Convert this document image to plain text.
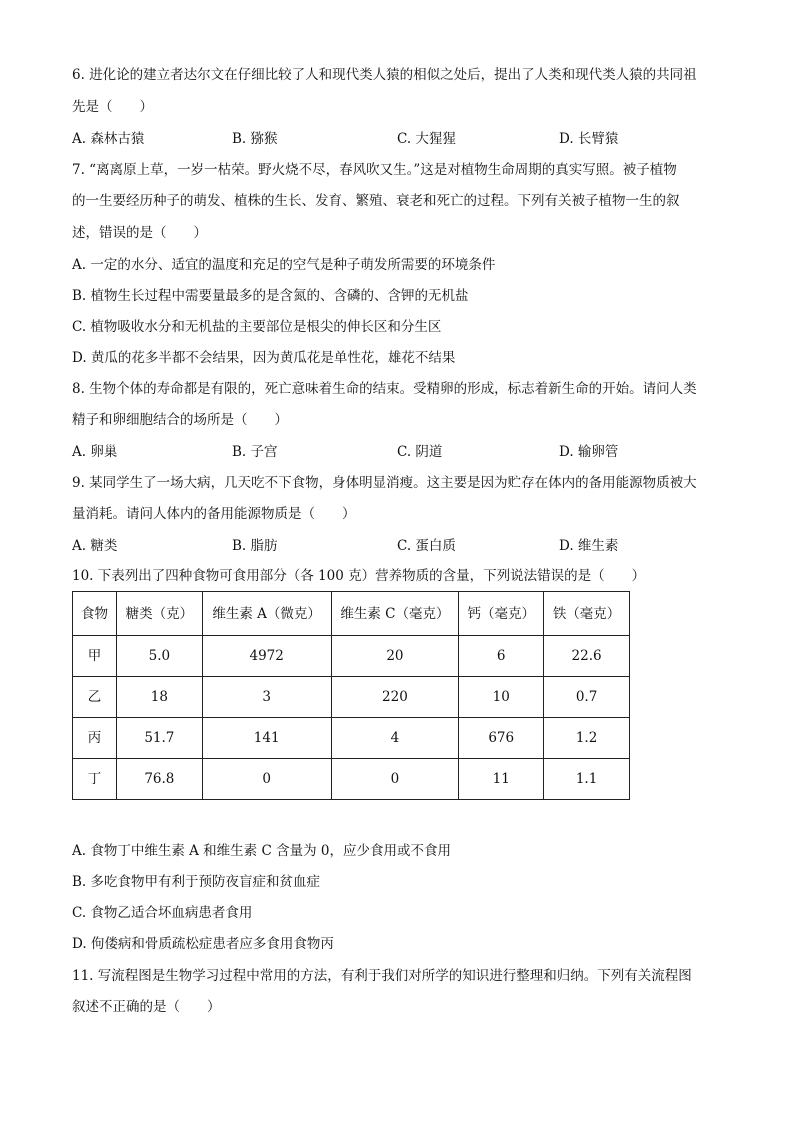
6. 进化论的建立者达尔文在仔细比较了人和现代类人猿的相似之处后，提出了人类和现代类人猿的共同祖
先是（　　）
A. 森林古猿	B. 猕猴	C. 大猩猩	D. 长臂猿
7. “离离原上草，一岁一枯荣。野火烧不尽，春风吹又生。”这是对植物生命周期的真实写照。被子植物
的一生要经历种子的萌发、植株的生长、发育、繁殖、衰老和死亡的过程。下列有关被子植物一生的叙
述，错误的是（　　）
A. 一定的水分、适宜的温度和充足的空气是种子萌发所需要的环境条件
B. 植物生长过程中需要量最多的是含氮的、含磷的、含钾的无机盐
C. 植物吸收水分和无机盐的主要部位是根尖的伸长区和分生区
D. 黄瓜的花多半都不会结果，因为黄瓜花是单性花，雄花不结果
8. 生物个体的寿命都是有限的，死亡意味着生命的结束。受精卵的形成，标志着新生命的开始。请问人类
精子和卵细胞结合的场所是（　　）
A. 卵巢	B. 子宫	C. 阴道	D. 输卵管
9. 某同学生了一场大病，几天吃不下食物，身体明显消瘦。这主要是因为贮存在体内的备用能源物质被大
量消耗。请问人体内的备用能源物质是（　　）
A. 糖类	B. 脂肪	C. 蛋白质	D. 维生素
10. 下表列出了四种食物可食用部分（各 100 克）营养物质的含量，下列说法错误的是（　　）
食物	糖类（克）	维生素 A（微克）	维生素 C（毫克）	钙（毫克）	铁（毫克）
甲	5.0	4972	20	6	22.6
乙	18	3	220	10	0.7
丙	51.7	141	4	676	1.2
丁	76.8	0	0	11	1.1
A. 食物丁中维生素 A 和维生素 C 含量为 0，应少食用或不食用
B. 多吃食物甲有利于预防夜盲症和贫血症
C. 食物乙适合坏血病患者食用
D. 佝偻病和骨质疏松症患者应多食用食物丙
11. 写流程图是生物学习过程中常用的方法，有利于我们对所学的知识进行整理和归纳。下列有关流程图
叙述不正确的是（　　）
